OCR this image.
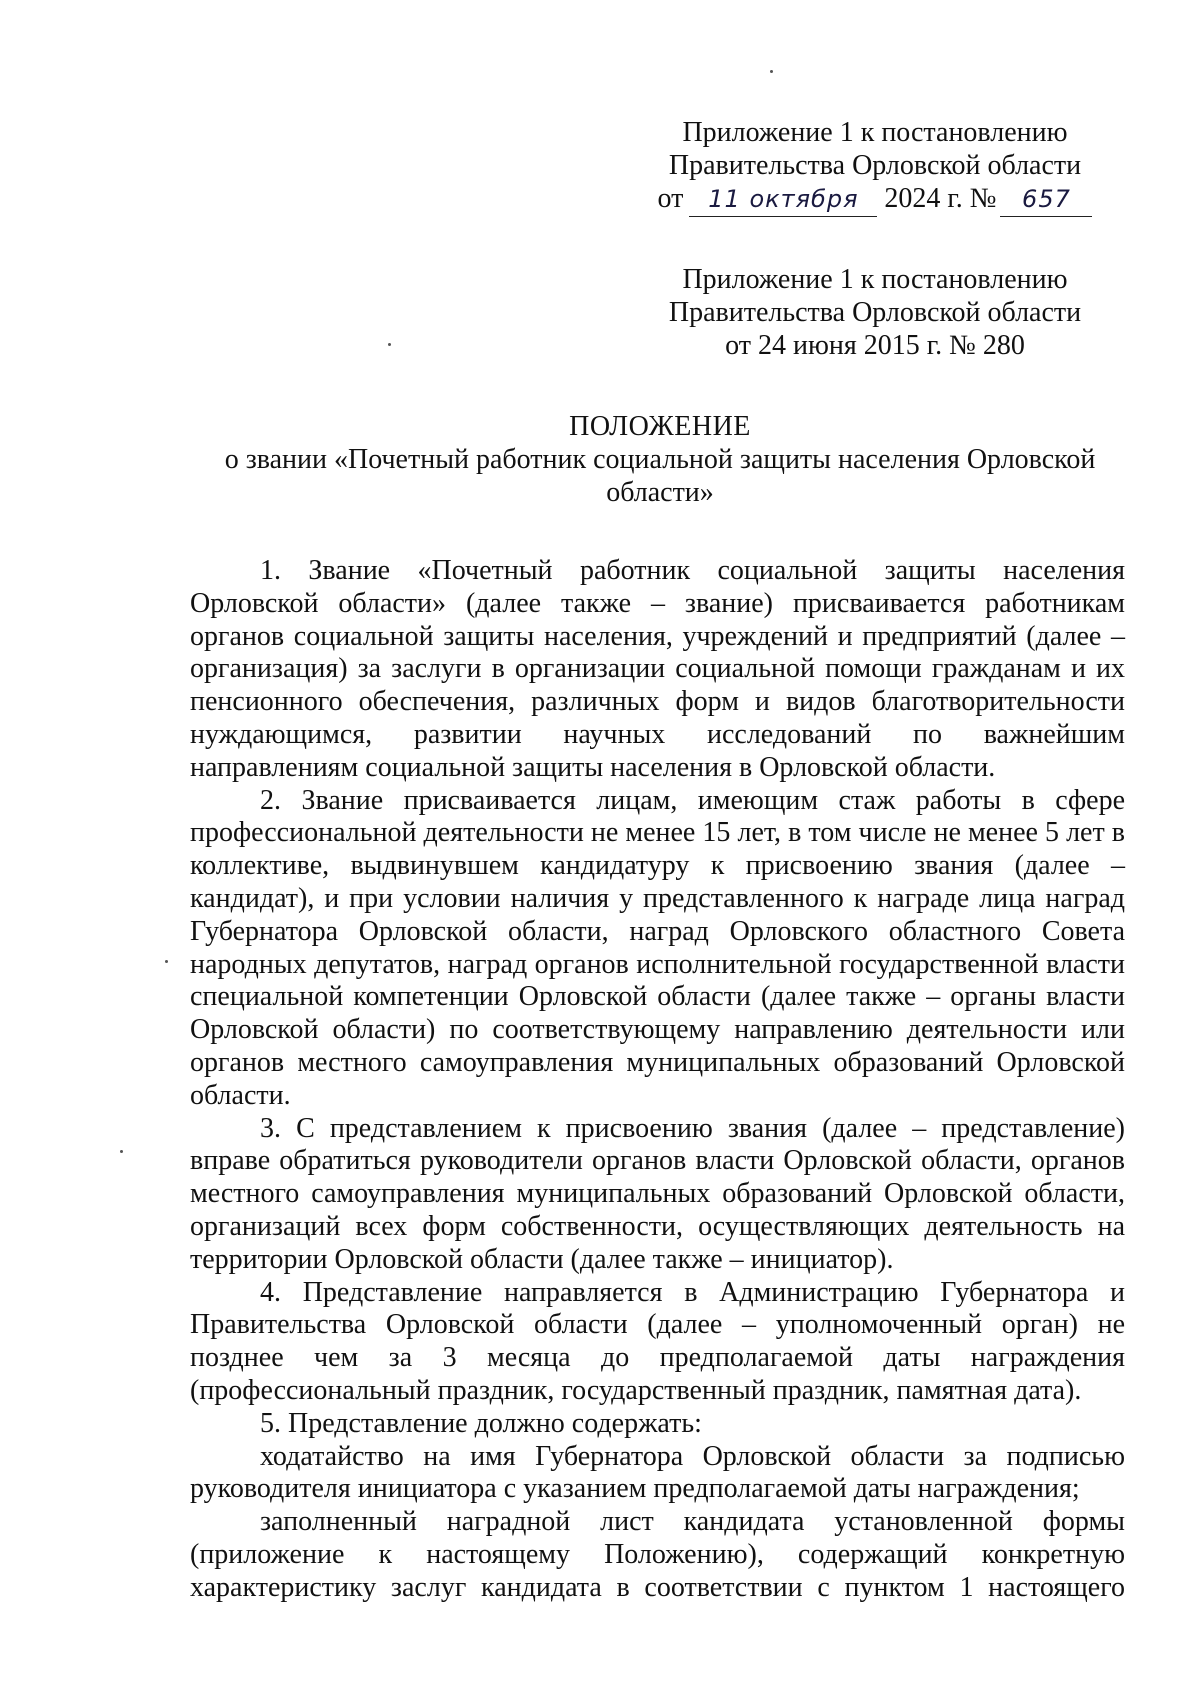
Приложение 1 к постановлению
Правительства Орловской области
от 11 октября 2024 г. № 657
Приложение 1 к постановлению
Правительства Орловской области
от 24 июня 2015 г. № 280
ПОЛОЖЕНИЕ
о звании «Почетный работник социальной защиты населения Орловской области»

1. Звание «Почетный работник социальной защиты населения Орловской области» (далее также – звание) присваивается работникам органов социальной защиты населения, учреждений и предприятий (далее – организация) за заслуги в организации социальной помощи гражданам и их пенсионного обеспечения, различных форм и видов благотворительности нуждающимся, развитии научных исследований по важнейшим направлениям социальной защиты населения в Орловской области.

2. Звание присваивается лицам, имеющим стаж работы в сфере профессиональной деятельности не менее 15 лет, в том числе не менее 5 лет в коллективе, выдвинувшем кандидатуру к присвоению звания (далее – кандидат), и при условии наличия у представленного к награде лица наград Губернатора Орловской области, наград Орловского областного Совета народных депутатов, наград органов исполнительной государственной власти специальной компетенции Орловской области (далее также – органы власти Орловской области) по соответствующему направлению деятельности или органов местного самоуправления муниципальных образований Орловской области.

3. С представлением к присвоению звания (далее – представление) вправе обратиться руководители органов власти Орловской области, органов местного самоуправления муниципальных образований Орловской области, организаций всех форм собственности, осуществляющих деятельность на территории Орловской области (далее также – инициатор).

4. Представление направляется в Администрацию Губернатора и Правительства Орловской области (далее – уполномоченный орган) не позднее чем за 3 месяца до предполагаемой даты награждения (профессиональный праздник, государственный праздник, памятная дата).

5. Представление должно содержать:

ходатайство на имя Губернатора Орловской области за подписью руководителя инициатора с указанием предполагаемой даты награждения;

заполненный наградной лист кандидата установленной формы (приложение к настоящему Положению), содержащий конкретную характеристику заслуг кандидата в соответствии с пунктом 1 настоящего
